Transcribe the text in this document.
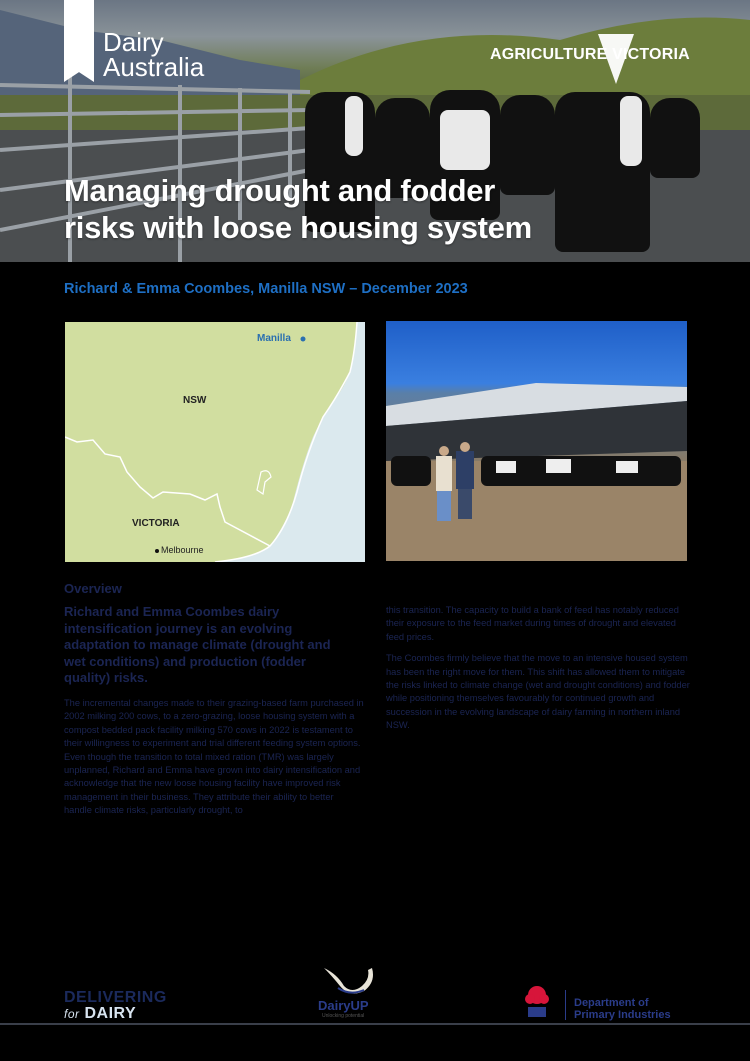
Dairy
Australia	AGRICULTURE VICTORIA
Managing drought and fodder
risks with loose housing system
Richard & Emma Coombes, Manilla NSW – December 2023
Manilla
NSW
VICTORIA
Melbourne
Overview
Richard and Emma Coombes dairy intensification journey is an evolving adaptation to manage climate (drought and wet conditions) and production (fodder quality) risks.
The incremental changes made to their grazing-based farm purchased in 2002 milking 200 cows, to a zero-grazing, loose housing system with a compost bedded pack facility milking 570 cows in 2022 is testament to their willingness to experiment and trial different feeding system options. Even though the transition to total mixed ration (TMR) was largely unplanned, Richard and Emma have grown into dairy intensification and acknowledge that the new loose housing facility have improved risk management in their business. They attribute their ability to better handle climate risks, particularly drought, to

this transition. The capacity to build a bank of feed has notably reduced their exposure to the feed market during times of drought and elevated feed prices.

The Coombes firmly believe that the move to an intensive housed system has been the right move for them. This shift has allowed them to mitigate the risks linked to climate change (wet and drought conditions) and fodder while positioning themselves favourably for continued growth and succession in the evolving landscape of dairy farming in northern inland NSW.

DELIVERING
for DAIRY	DairyUP
Unlocking potential
Department of
Primary Industries
